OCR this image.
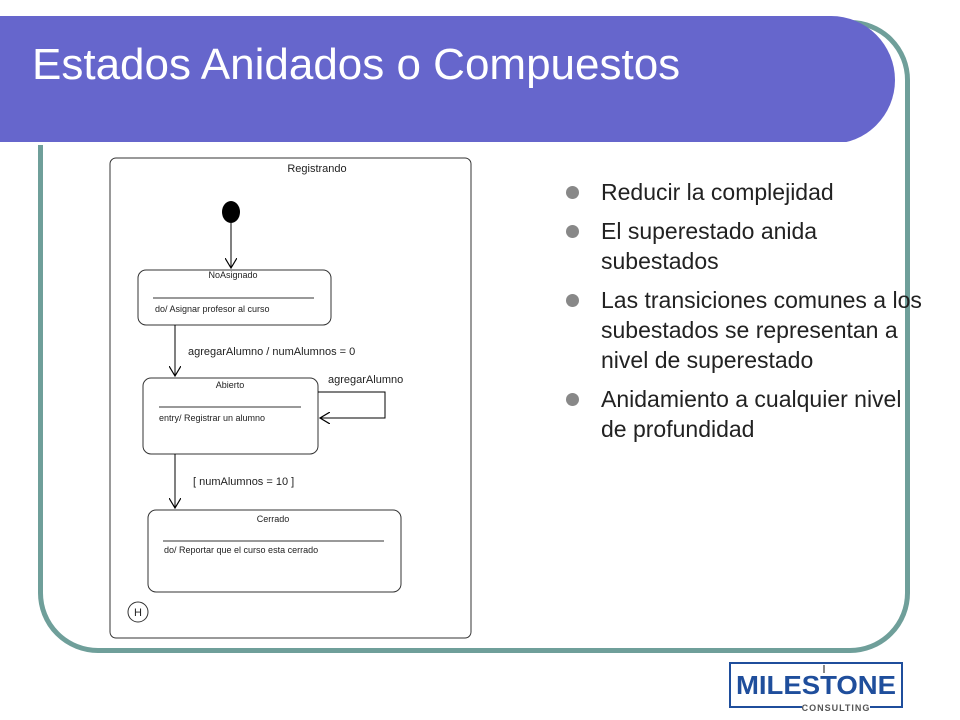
Estados Anidados o Compuestos
Registrando
NoAsignado
do/ Asignar profesor al curso
agregarAlumno / numAlumnos = 0
Abierto
entry/ Registrar un alumno
agregarAlumno
[ numAlumnos = 10 ]
Cerrado
do/ Reportar que el curso esta cerrado
H
Reducir la complejidad
El superestado anida subestados
Las transiciones comunes a los subestados se representan a nivel de superestado
Anidamiento a cualquier nivel de profundidad
MILESTONE
CONSULTING
